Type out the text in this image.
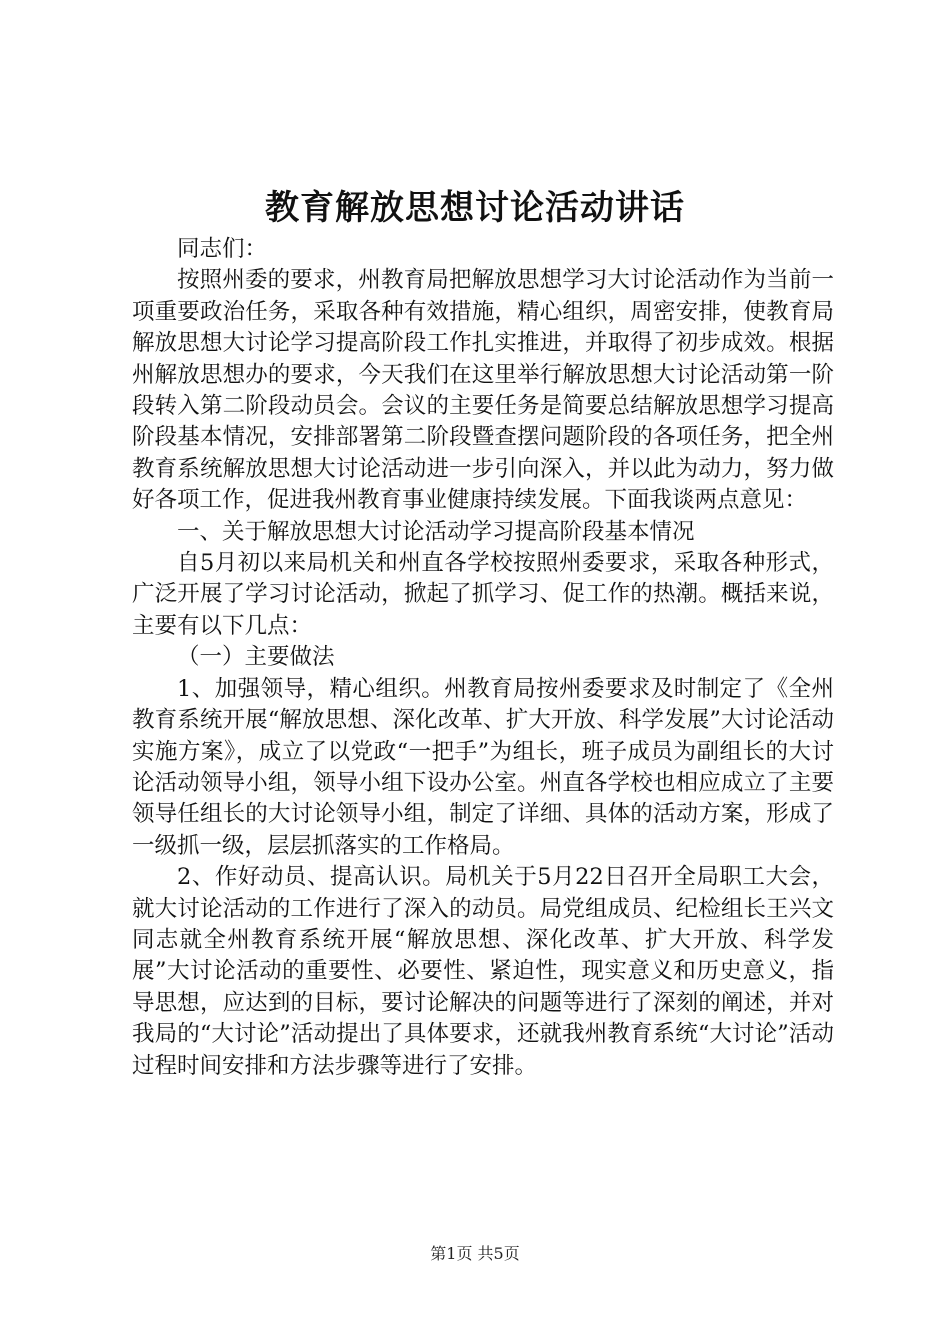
教育解放思想讨论活动讲话

同志们：

按照州委的要求，州教育局把解放思想学习大讨论活动作为当前一项重要政治任务，采取各种有效措施，精心组织，周密安排，使教育局解放思想大讨论学习提高阶段工作扎实推进，并取得了初步成效。根据州解放思想办的要求，今天我们在这里举行解放思想大讨论活动第一阶段转入第二阶段动员会。会议的主要任务是简要总结解放思想学习提高阶段基本情况，安排部署第二阶段暨查摆问题阶段的各项任务，把全州教育系统解放思想大讨论活动进一步引向深入，并以此为动力，努力做好各项工作，促进我州教育事业健康持续发展。下面我谈两点意见：

一、关于解放思想大讨论活动学习提高阶段基本情况

自5月初以来局机关和州直各学校按照州委要求，采取各种形式，广泛开展了学习讨论活动，掀起了抓学习、促工作的热潮。概括来说，主要有以下几点：

（一）主要做法

1、加强领导，精心组织。州教育局按州委要求及时制定了《全州教育系统开展“解放思想、深化改革、扩大开放、科学发展”大讨论活动实施方案》，成立了以党政“一把手”为组长，班子成员为副组长的大讨论活动领导小组，领导小组下设办公室。州直各学校也相应成立了主要领导任组长的大讨论领导小组，制定了详细、具体的活动方案，形成了一级抓一级，层层抓落实的工作格局。

2、作好动员、提高认识。局机关于5月22日召开全局职工大会，就大讨论活动的工作进行了深入的动员。局党组成员、纪检组长王兴文同志就全州教育系统开展“解放思想、深化改革、扩大开放、科学发展”大讨论活动的重要性、必要性、紧迫性，现实意义和历史意义，指导思想，应达到的目标，要讨论解决的问题等进行了深刻的阐述，并对我局的“大讨论”活动提出了具体要求，还就我州教育系统“大讨论”活动过程时间安排和方法步骤等进行了安排。

第1页 共5页
